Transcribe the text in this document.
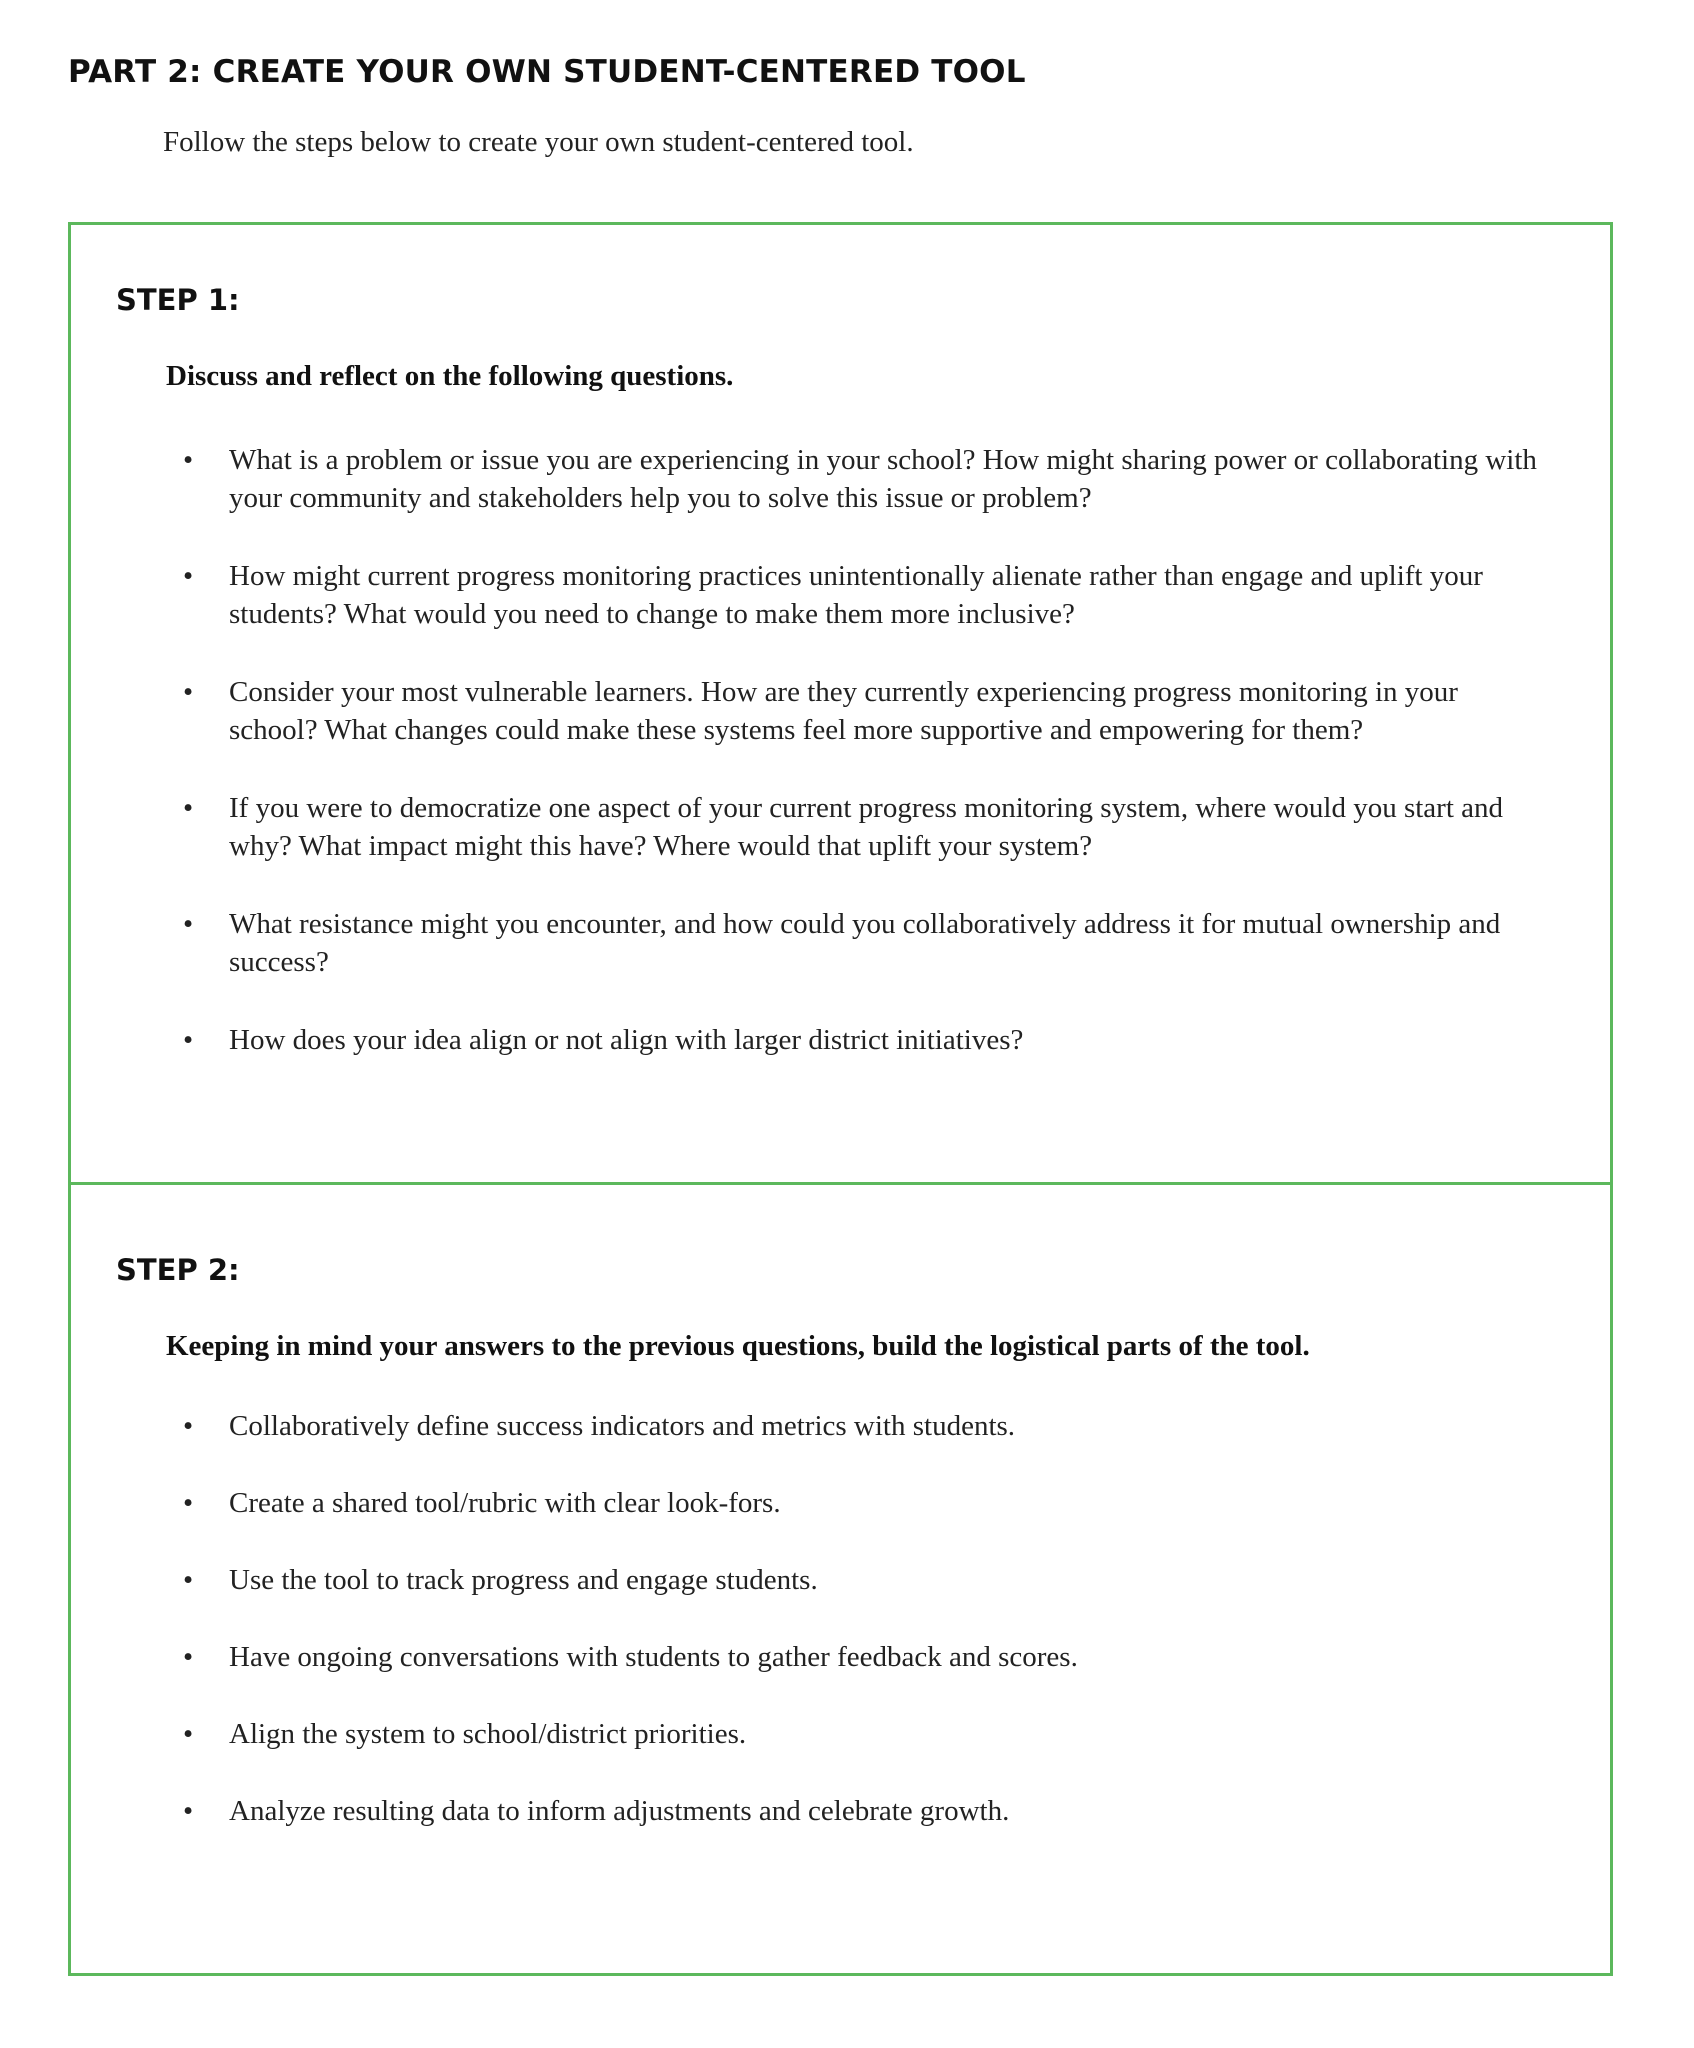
PART 2: CREATE YOUR OWN STUDENT-CENTERED TOOL

Follow the steps below to create your own student-centered tool.

STEP 1:

Discuss and reflect on the following questions.

• What is a problem or issue you are experiencing in your school? How might sharing power or collaborating with your community and stakeholders help you to solve this issue or problem?
• How might current progress monitoring practices unintentionally alienate rather than engage and uplift your students? What would you need to change to make them more inclusive?
• Consider your most vulnerable learners. How are they currently experiencing progress monitoring in your school? What changes could make these systems feel more supportive and empowering for them?
• If you were to democratize one aspect of your current progress monitoring system, where would you start and why? What impact might this have? Where would that uplift your system?
• What resistance might you encounter, and how could you collaboratively address it for mutual ownership and success?
• How does your idea align or not align with larger district initiatives?
STEP 2:

Keeping in mind your answers to the previous questions, build the logistical parts of the tool.

• Collaboratively define success indicators and metrics with students.
• Create a shared tool/rubric with clear look-fors.
• Use the tool to track progress and engage students.
• Have ongoing conversations with students to gather feedback and scores.
• Align the system to school/district priorities.
• Analyze resulting data to inform adjustments and celebrate growth.
